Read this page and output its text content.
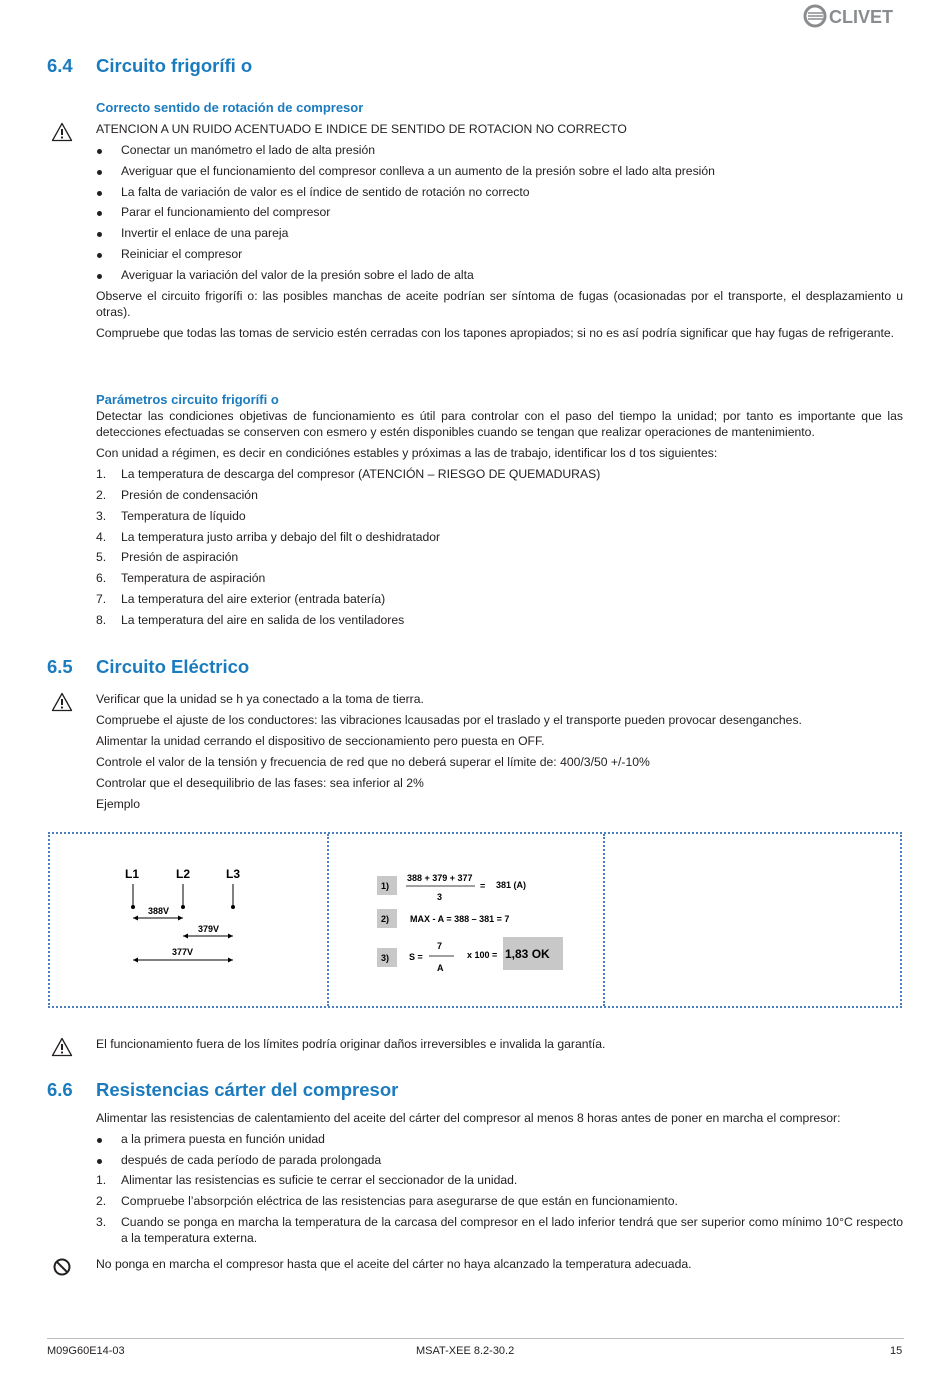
CLIVET
6.4 Circuito frigorífi o
Correcto sentido de rotación de compresor
ATENCION A UN RUIDO ACENTUADO E INDICE DE SENTIDO DE ROTACION NO CORRECTO
Conectar un manómetro el lado de alta presión
Averiguar que el funcionamiento del compresor conlleva a un aumento de la presión sobre el lado alta presión
La falta de variación de valor es el índice de sentido de rotación no correcto
Parar el funcionamiento del compresor
Invertir el enlace de una pareja
Reiniciar el compresor
Averiguar la variación del valor de la presión sobre el lado de alta
Observe el circuito frigorífi o: las posibles manchas de aceite podrían ser síntoma de fugas (ocasionadas por el transporte, el desplazamiento u otras).
Compruebe que todas las tomas de servicio estén cerradas con los tapones apropiados; si no es así podría significar que hay fugas de refrigerante.
Parámetros circuito frigorífi o
Detectar las condiciones objetivas de funcionamiento es útil para controlar con el paso del tiempo la unidad; por tanto es importante que las detecciones efectuadas se conserven con esmero y estén disponibles cuando se tengan que realizar operaciones de mantenimiento.
Con unidad a régimen, es decir en condiciónes estables y próximas a las de trabajo, identificar los d tos siguientes:
1. La temperatura de descarga del compresor (ATENCIÓN – RIESGO DE QUEMADURAS)
2. Presión de condensación
3. Temperatura de líquido
4. La temperatura justo arriba y debajo del filt o deshidratador
5. Presión de aspiración
6. Temperatura de aspiración
7. La temperatura del aire exterior (entrada batería)
8. La temperatura del aire en salida de los ventiladores
6.5 Circuito Eléctrico
Verificar que la unidad se h ya conectado a la toma de tierra.
Compruebe el ajuste de los conductores: las vibraciones lcausadas por el traslado y el transporte pueden provocar desenganches.
Alimentar la unidad cerrando el dispositivo de seccionamiento pero puesta en OFF.
Controle el valor de la tensión y frecuencia de red que no deberá superar el límite de: 400/3/50 +/-10%
Controlar que el desequilibrio de las fases: sea inferior al 2%
Ejemplo
L1	L2	L3
388V
379V
377V
1)
388 + 379 + 377
3
= 381 (A)
2) MAX - A = 388 – 381 = 7
3) S =
7
A
x 100 = 1,83 OK
El funcionamiento fuera de los límites podría originar daños irreversibles e invalida la garantía.
6.6 Resistencias cárter del compresor
Alimentar las resistencias de calentamiento del aceite del cárter del compresor al menos 8 horas antes de poner en marcha el compresor:
a la primera puesta en función unidad
después de cada período de parada prolongada
1. Alimentar las resistencias es suficie te cerrar el seccionador de la unidad.
2. Compruebe l’absorpción eléctrica de las resistencias para asegurarse de que están en funcionamiento.
3. Cuando se ponga en marcha la temperatura de la carcasa del compresor en el lado inferior tendrá que ser superior como mínimo 10°C respecto a la temperatura externa.
No ponga en marcha el compresor hasta que el aceite del cárter no haya alcanzado la temperatura adecuada.
M09G60E14-03	MSAT-XEE 8.2-30.2	15
